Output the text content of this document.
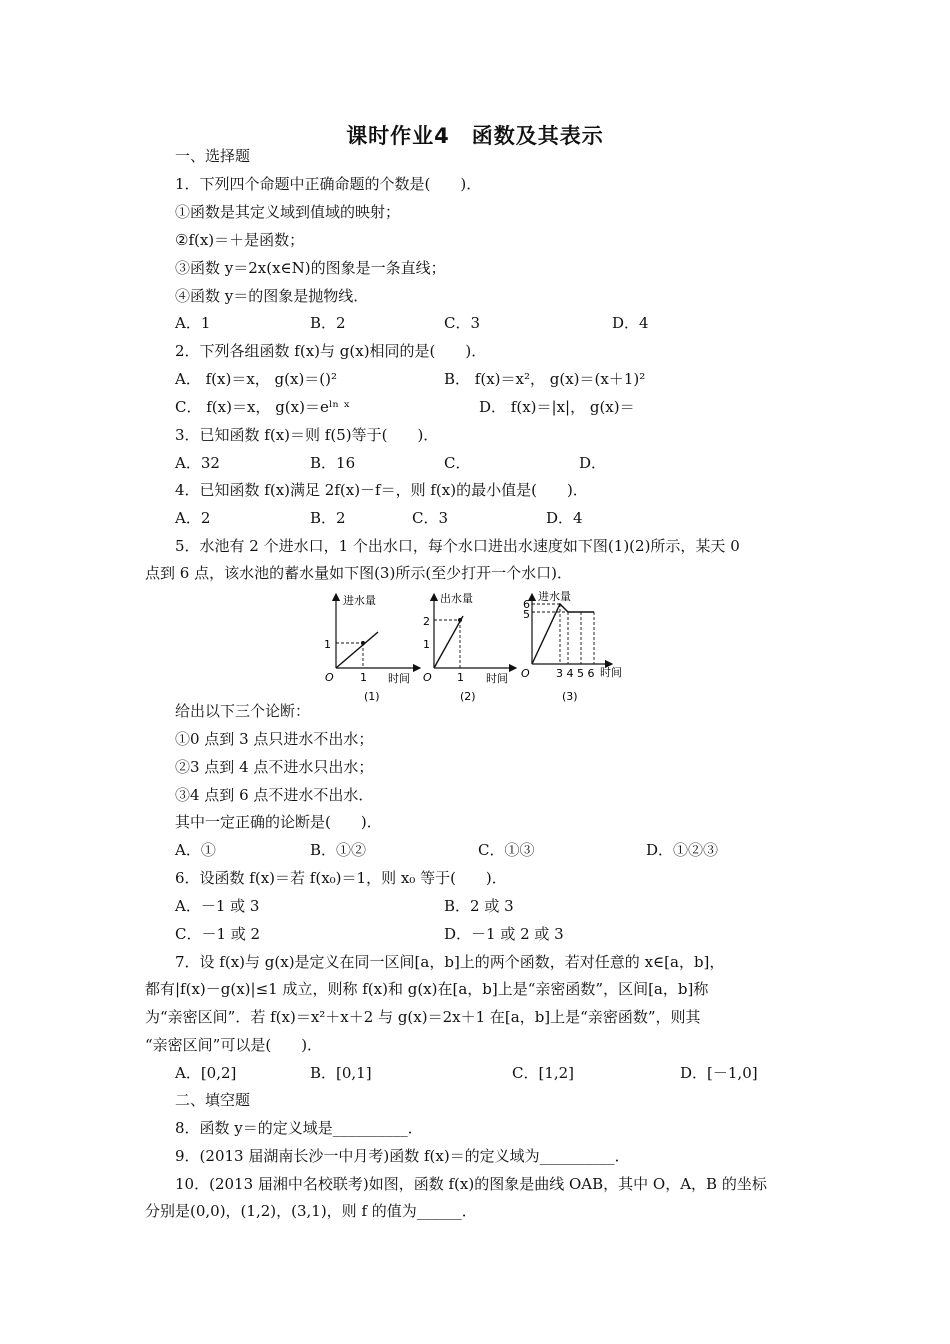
课时作业4　函数及其表示
一、选择题
1．下列四个命题中正确命题的个数是(　　)．
①函数是其定义域到值域的映射；
②f(x)＝＋是函数；
③函数 y＝2x(x∈N)的图象是一条直线；
④函数 y＝的图象是抛物线．
A．1	B．2	C．3	D．4
2．下列各组函数 f(x)与 g(x)相同的是(　　)．
A． f(x)＝x， g(x)＝()²	B． f(x)＝x²， g(x)＝(x＋1)²
C． f(x)＝x， g(x)＝eˡⁿ ˣ	D． f(x)＝|x|， g(x)＝
3．已知函数 f(x)＝则 f(5)等于(　　)．
A．32	B．16	C．	D．
4．已知函数 f(x)满足 2f(x)－f＝，则 f(x)的最小值是(　　)．
A．2	B．2	C．3	D．4
5．水池有 2 个进水口，1 个出水口，每个水口进出水速度如下图(1)(2)所示，某天 0
点到 6 点，该水池的蓄水量如下图(3)所示(至少打开一个水口)．
进水量
1
1
O	时间
(1)
出水量
2
1
1
O	时间
(2)
进水量
6
5
O 3 4 5 6 时间
(3)
给出以下三个论断：
①0 点到 3 点只进水不出水；
②3 点到 4 点不进水只出水；
③4 点到 6 点不进水不出水．
其中一定正确的论断是(　　)．
A．①	B．①②	C．①③	D．①②③
6．设函数 f(x)＝若 f(x₀)＝1，则 x₀ 等于(　　)．
A．－1 或 3	B．2 或 3
C．－1 或 2	D．－1 或 2 或 3
7．设 f(x)与 g(x)是定义在同一区间[a，b]上的两个函数，若对任意的 x∈[a，b]，
都有|f(x)－g(x)|≤1 成立，则称 f(x)和 g(x)在[a，b]上是“亲密函数”，区间[a，b]称
为“亲密区间”．若 f(x)＝x²＋x＋2 与 g(x)＝2x＋1 在[a，b]上是“亲密函数”，则其
“亲密区间”可以是(　　)．
A．[0,2]	B．[0,1]	C．[1,2]	D．[－1,0]
二、填空题
8．函数 y＝的定义域是__________．
9．(2013 届湖南长沙一中月考)函数 f(x)＝的定义域为__________．
10．(2013 届湘中名校联考)如图，函数 f(x)的图象是曲线 OAB，其中 O，A，B 的坐标
分别是(0,0)，(1,2)，(3,1)，则 f 的值为______．
